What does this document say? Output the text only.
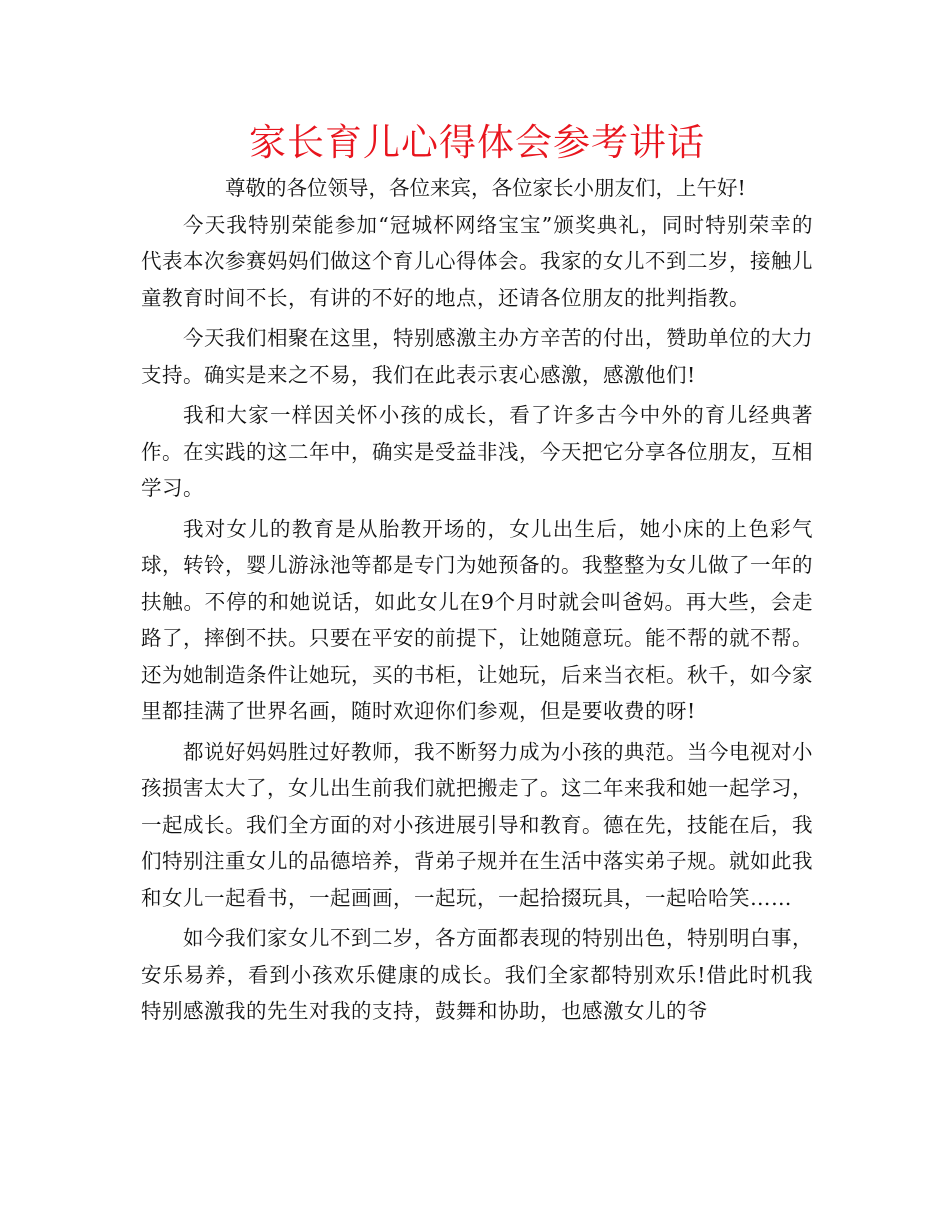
家长育儿心得体会参考讲话

尊敬的各位领导，各位来宾，各位家长小朋友们，上午好!

今天我特别荣能参加“冠城杯网络宝宝”颁奖典礼，同时特别荣幸的代表本次参赛妈妈们做这个育儿心得体会。我家的女儿不到二岁，接触儿童教育时间不长，有讲的不好的地点，还请各位朋友的批判指教。

今天我们相聚在这里，特别感激主办方辛苦的付出，赞助单位的大力支持。确实是来之不易，我们在此表示衷心感激，感激他们!

我和大家一样因关怀小孩的成长，看了许多古今中外的育儿经典著作。在实践的这二年中，确实是受益非浅，今天把它分享各位朋友，互相学习。

我对女儿的教育是从胎教开场的，女儿出生后，她小床的上色彩气球，转铃，婴儿游泳池等都是专门为她预备的。我整整为女儿做了一年的扶触。不停的和她说话，如此女儿在9个月时就会叫爸妈。再大些，会走路了，摔倒不扶。只要在平安的前提下，让她随意玩。能不帮的就不帮。还为她制造条件让她玩，买的书柜，让她玩，后来当衣柜。秋千，如今家里都挂满了世界名画，随时欢迎你们参观，但是要收费的呀!

都说好妈妈胜过好教师，我不断努力成为小孩的典范。当今电视对小孩损害太大了，女儿出生前我们就把搬走了。这二年来我和她一起学习，一起成长。我们全方面的对小孩进展引导和教育。德在先，技能在后，我们特别注重女儿的品德培养，背弟子规并在生活中落实弟子规。就如此我和女儿一起看书，一起画画，一起玩，一起拾掇玩具，一起哈哈笑……

如今我们家女儿不到二岁，各方面都表现的特别出色，特别明白事，安乐易养，看到小孩欢乐健康的成长。我们全家都特别欢乐!借此时机我特别感激我的先生对我的支持，鼓舞和协助，也感激女儿的爷
